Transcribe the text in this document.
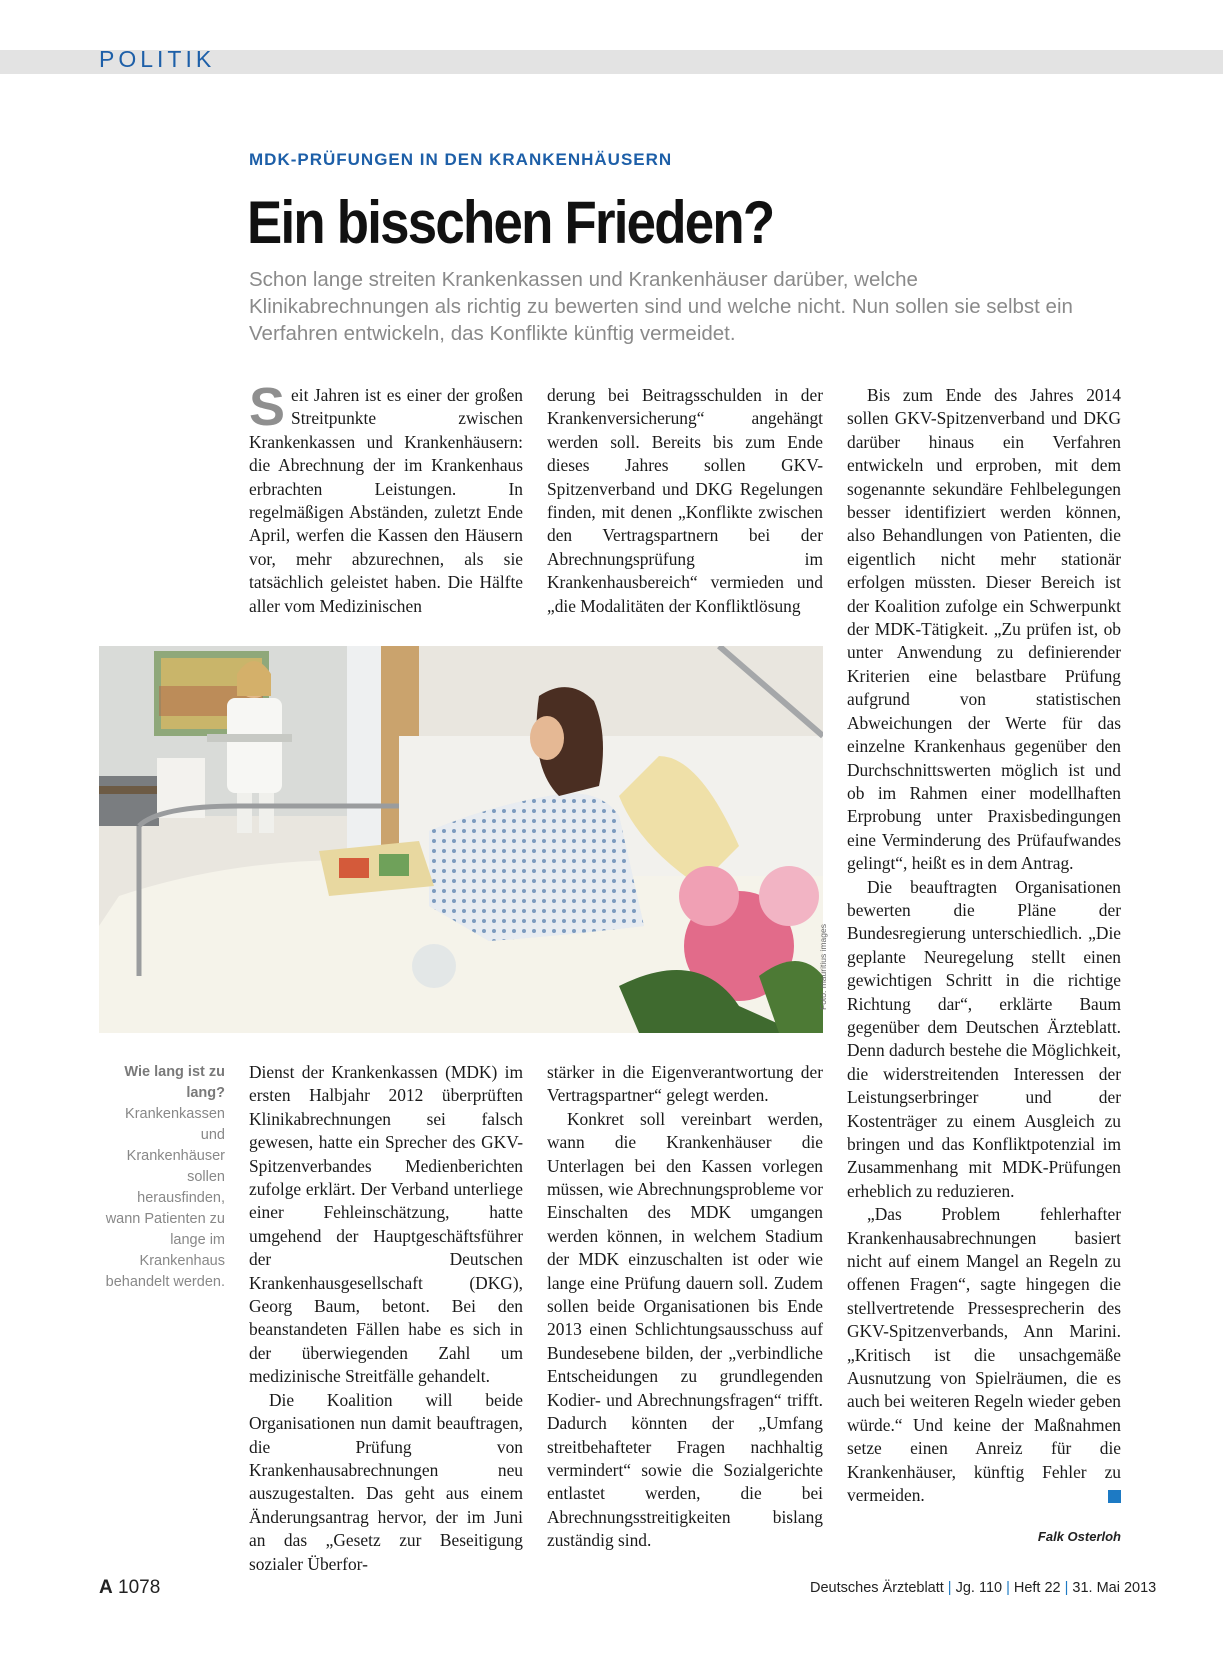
POLITIK
MDK-PRÜFUNGEN IN DEN KRANKENHÄUSERN
Ein bisschen Frieden?
Schon lange streiten Krankenkassen und Krankenhäuser darüber, welche Klinikabrechnungen als richtig zu bewerten sind und welche nicht. Nun sollen sie selbst ein Verfahren entwickeln, das Konflikte künftig vermeidet.

Seit Jahren ist es einer der großen Streitpunkte zwischen Krankenkassen und Krankenhäusern: die Abrechnung der im Krankenhaus erbrachten Leistungen. In regelmäßigen Abständen, zuletzt Ende April, werfen die Kassen den Häusern vor, mehr abzurechnen, als sie tatsächlich geleistet haben. Die Hälfte aller vom Medizinischen

derung bei Beitragsschulden in der Krankenversicherung“ angehängt werden soll. Bereits bis zum Ende dieses Jahres sollen GKV-Spitzenverband und DKG Regelungen finden, mit denen „Konflikte zwischen den Vertragspartnern bei der Abrechnungsprüfung im Krankenhausbereich“ vermieden und „die Modalitäten der Konfliktlösung

Bis zum Ende des Jahres 2014 sollen GKV-Spitzenverband und DKG darüber hinaus ein Verfahren entwickeln und erproben, mit dem sogenannte sekundäre Fehlbelegungen besser identifiziert werden können, also Behandlungen von Patienten, die eigentlich nicht mehr stationär erfolgen müssten. Dieser Bereich ist der Koalition zufolge ein Schwerpunkt der MDK-Tätigkeit. „Zu prüfen ist, ob unter Anwendung zu definierender Kriterien eine belastbare Prüfung aufgrund von statistischen Abweichungen der Werte für das einzelne Krankenhaus gegenüber den Durchschnittswerten möglich ist und ob im Rahmen einer modellhaften Erprobung unter Praxisbedingungen eine Verminderung des Prüfaufwandes gelingt“, heißt es in dem Antrag.

Die beauftragten Organisationen bewerten die Pläne der Bundesregierung unterschiedlich. „Die geplante Neuregelung stellt einen gewichtigen Schritt in die richtige Richtung dar“, erklärte Baum gegenüber dem Deutschen Ärzteblatt. Denn dadurch bestehe die Möglichkeit, die widerstreitenden Interessen der Leistungserbringer und der Kostenträger zu einem Ausgleich zu bringen und das Konfliktpotenzial im Zusammenhang mit MDK-Prüfungen erheblich zu reduzieren.

„Das Problem fehlerhafter Krankenhausabrechnungen basiert nicht auf einem Mangel an Regeln zu offenen Fragen“, sagte hingegen die stellvertretende Pressesprecherin des GKV-Spitzenverbands, Ann Marini. „Kritisch ist die unsachgemäße Ausnutzung von Spielräumen, die es auch bei weiteren Regeln wieder geben würde.“ Und keine der Maßnahmen setze einen Anreiz für die Krankenhäuser, künftig Fehler zu vermeiden.

Foto: mauritius images
Wie lang ist zu lang? Krankenkassen und Krankenhäuser sollen herausfinden, wann Patienten zu lange im Krankenhaus behandelt werden.

Dienst der Krankenkassen (MDK) im ersten Halbjahr 2012 überprüften Klinikabrechnungen sei falsch gewesen, hatte ein Sprecher des GKV-Spitzenverbandes Medienberichten zufolge erklärt. Der Verband unterliege einer Fehleinschätzung, hatte umgehend der Hauptgeschäftsführer der Deutschen Krankenhausgesellschaft (DKG), Georg Baum, betont. Bei den beanstandeten Fällen habe es sich in der überwiegenden Zahl um medizinische Streitfälle gehandelt.

Die Koalition will beide Organisationen nun damit beauftragen, die Prüfung von Krankenhausabrechnungen neu auszugestalten. Das geht aus einem Änderungsantrag hervor, der im Juni an das „Gesetz zur Beseitigung sozialer Überfor-

stärker in die Eigenverantwortung der Vertragspartner“ gelegt werden.

Konkret soll vereinbart werden, wann die Krankenhäuser die Unterlagen bei den Kassen vorlegen müssen, wie Abrechnungsprobleme vor Einschalten des MDK umgangen werden können, in welchem Stadium der MDK einzuschalten ist oder wie lange eine Prüfung dauern soll. Zudem sollen beide Organisationen bis Ende 2013 einen Schlichtungsausschuss auf Bundesebene bilden, der „verbindliche Entscheidungen zu grundlegenden Kodier- und Abrechnungsfragen“ trifft. Dadurch könnten der „Umfang streitbehafteter Fragen nachhaltig vermindert“ sowie die Sozialgerichte entlastet werden, die bei Abrechnungsstreitigkeiten bislang zuständig sind.	Falk Osterloh
A 1078	Deutsches Ärzteblatt | Jg. 110 | Heft 22 | 31. Mai 2013
